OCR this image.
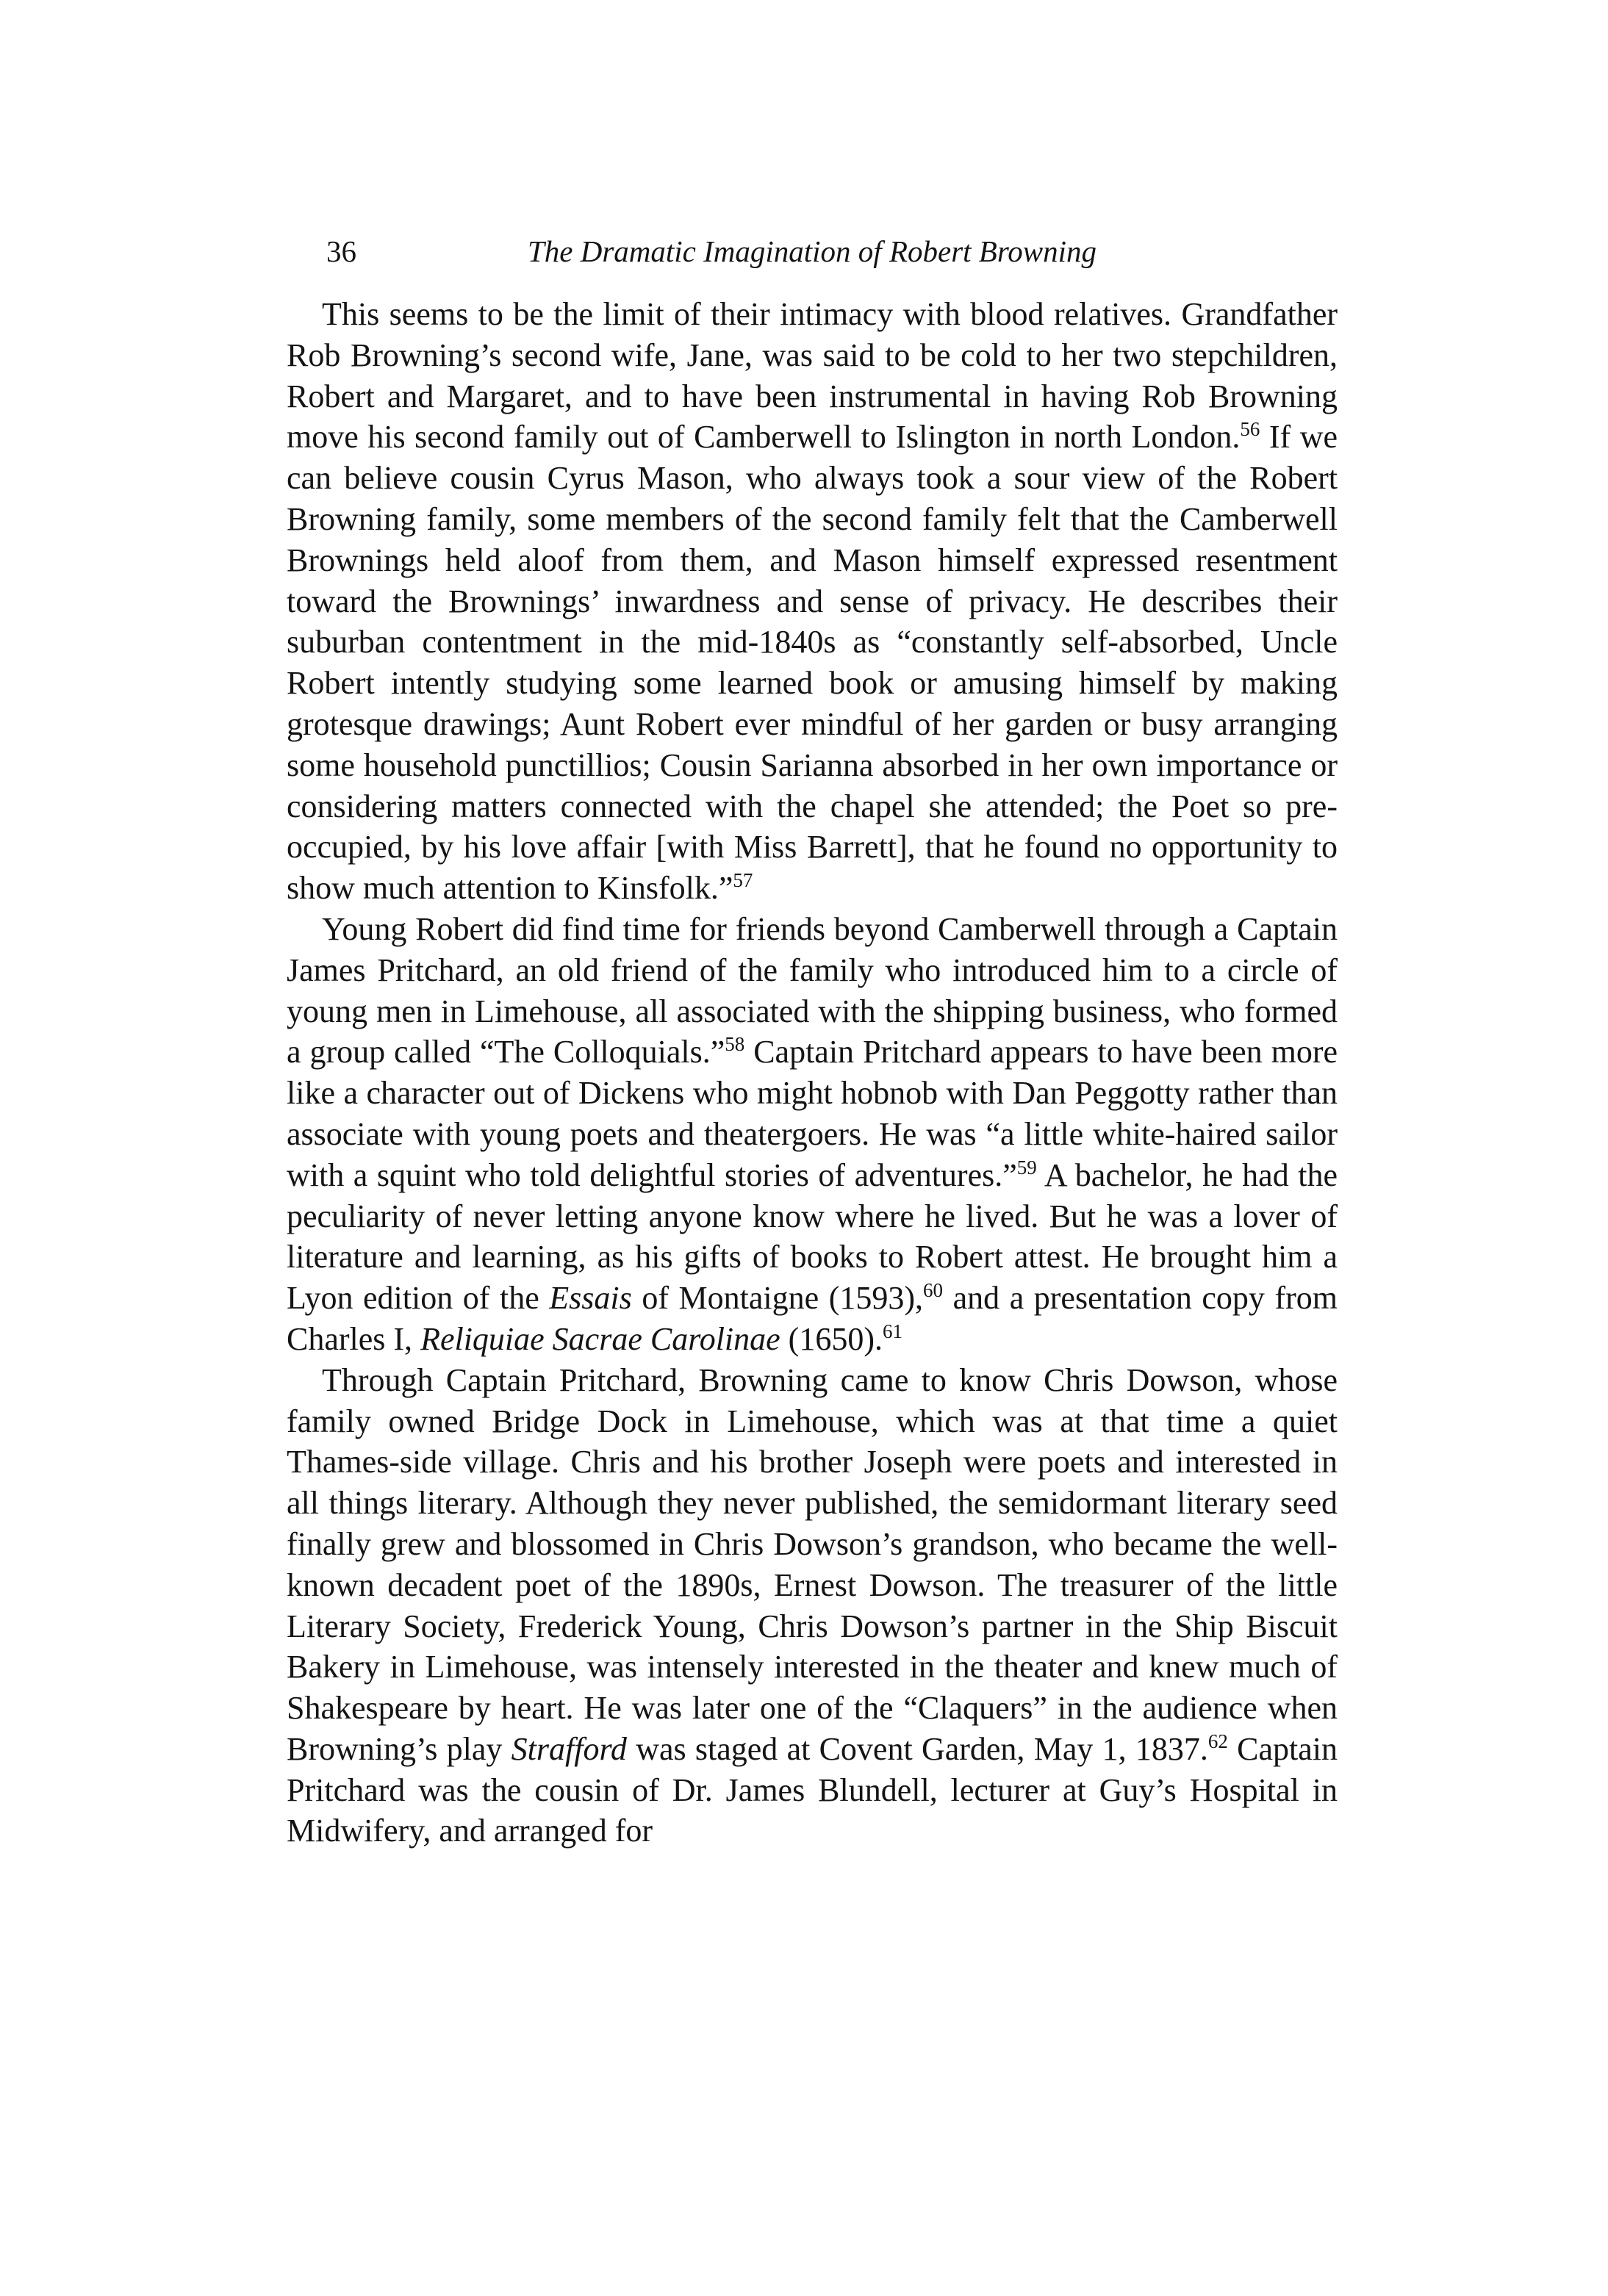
36	The Dramatic Imagination of Robert Browning

This seems to be the limit of their intimacy with blood relatives. Grandfather Rob Browning’s second wife, Jane, was said to be cold to her two stepchildren, Robert and Margaret, and to have been instrumental in having Rob Browning move his second family out of Camberwell to Islington in north London.$^{56}$ If we can believe cousin Cyrus Mason, who always took a sour view of the Robert Browning family, some members of the second family felt that the Camberwell Brownings held aloof from them, and Mason himself expressed resentment toward the Brownings’ inwardness and sense of privacy. He describes their suburban contentment in the mid-1840s as “constantly self-absorbed, Uncle Robert intently studying some learned book or amusing himself by making grotesque drawings; Aunt Robert ever mindful of her garden or busy arranging some household punctillios; Cousin Sarianna absorbed in her own importance or considering matters connected with the chapel she attended; the Poet so pre-occupied, by his love affair [with Miss Barrett], that he found no opportunity to show much attention to Kinsfolk.”$^{57}$

Young Robert did find time for friends beyond Camberwell through a Captain James Pritchard, an old friend of the family who introduced him to a circle of young men in Limehouse, all associated with the shipping business, who formed a group called “The Colloquials.”$^{58}$ Captain Pritchard appears to have been more like a character out of Dickens who might hobnob with Dan Peggotty rather than associate with young poets and theatergoers. He was “a little white-haired sailor with a squint who told delightful stories of adventures.”$^{59}$ A bachelor, he had the peculiarity of never letting anyone know where he lived. But he was a lover of literature and learning, as his gifts of books to Robert attest. He brought him a Lyon edition of the Essais of Montaigne (1593),$^{60}$ and a presentation copy from Charles I, Reliquiae Sacrae Carolinae (1650).$^{61}$

Through Captain Pritchard, Browning came to know Chris Dowson, whose family owned Bridge Dock in Limehouse, which was at that time a quiet Thames-side village. Chris and his brother Joseph were poets and interested in all things literary. Although they never published, the semidormant literary seed finally grew and blossomed in Chris Dowson’s grandson, who became the well-known decadent poet of the 1890s, Ernest Dowson. The treasurer of the little Literary Society, Frederick Young, Chris Dowson’s partner in the Ship Biscuit Bakery in Limehouse, was intensely interested in the theater and knew much of Shakespeare by heart. He was later one of the “Claquers” in the audience when Browning’s play Strafford was staged at Covent Garden, May 1, 1837.62 Captain Pritchard was the cousin of Dr. James Blundell, lecturer at Guy’s Hospital in Midwifery, and arranged for
